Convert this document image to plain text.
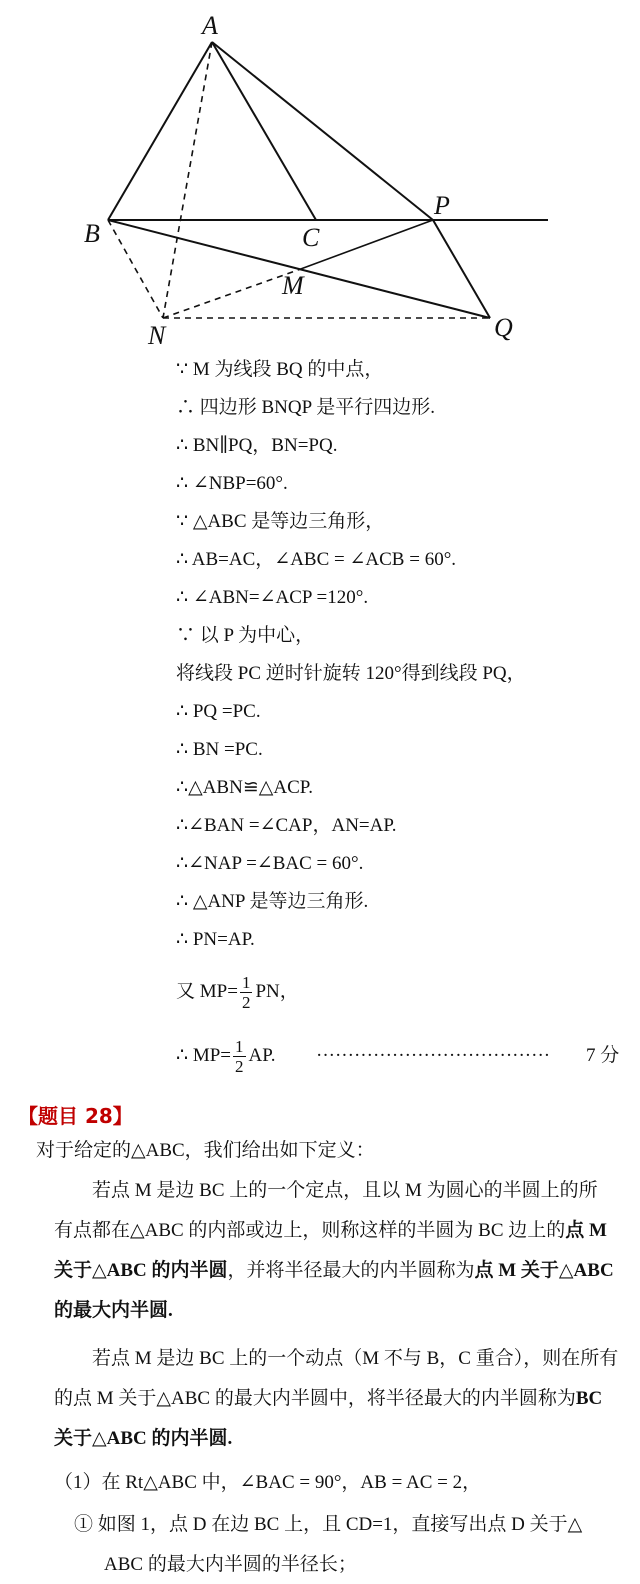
A
B	C
P
M
N	Q
∵ M 为线段 BQ 的中点，
∴ 四边形 BNQP 是平行四边形.
∴ BN∥PQ，BN=PQ.
∴ ∠NBP=60°.
∵ △ABC 是等边三角形，
∴ AB=AC，∠ABC = ∠ACB = 60°.
∴ ∠ABN=∠ACP =120°.
∵ 以 P 为中心，
将线段 PC 逆时针旋转 120°得到线段 PQ，
∴ PQ =PC.
∴ BN =PC.
∴△ABN≌△ACP.
∴∠BAN =∠CAP，AN=AP.
∴∠NAP =∠BAC = 60°.
∴ △ANP 是等边三角形.
∴ PN=AP.
又 $MP= \frac{1}{2}$ PN，
∴ $MP= \frac{1}{2}$ AP. ····································· 7 分
【题目 28】
对于给定的△ABC，我们给出如下定义：
若点 M 是边 BC 上的一个定点，且以 M 为圆心的半圆上的所
有点都在△ABC 的内部或边上，则称这样的半圆为 BC 边上的点 M
关于△ABC 的内半圆，并将半径最大的内半圆称为点 M 关于△ABC
的最大内半圆.
若点 M 是边 BC 上的一个动点（M 不与 B，C 重合），则在所有
的点 M 关于△ABC 的最大内半圆中，将半径最大的内半圆称为BC
关于△ABC 的内半圆.
（1）在 Rt△ABC 中，∠BAC = 90°，AB = AC = 2，
① 如图 1，点 D 在边 BC 上，且 CD=1，直接写出点 D 关于△
ABC 的最大内半圆的半径长；
